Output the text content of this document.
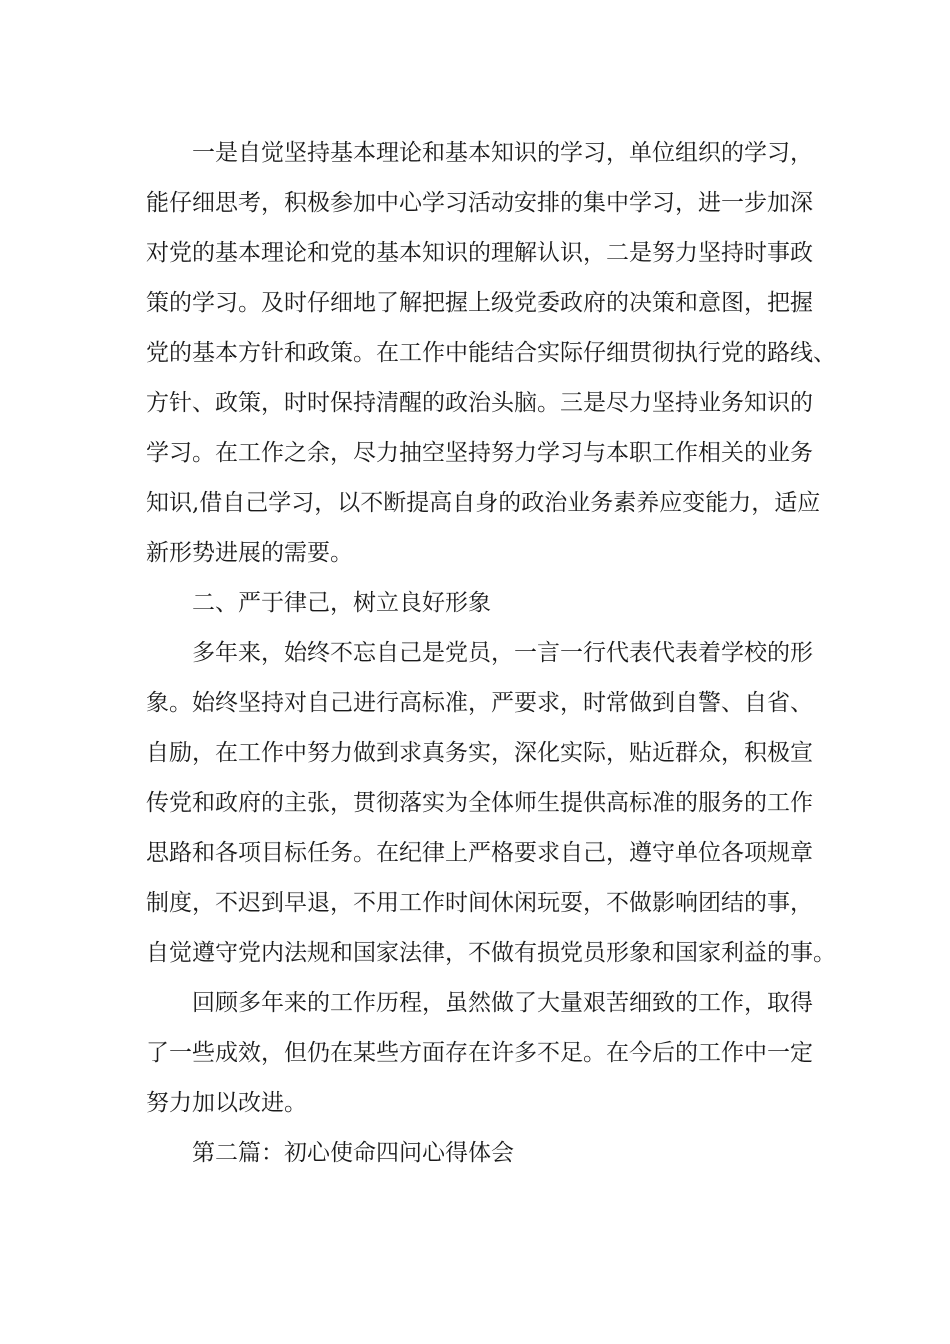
一是自觉坚持基本理论和基本知识的学习，单位组织的学习，
能仔细思考，积极参加中心学习活动安排的集中学习，进一步加深
对党的基本理论和党的基本知识的理解认识，二是努力坚持时事政
策的学习。及时仔细地了解把握上级党委政府的决策和意图，把握
党的基本方针和政策。在工作中能结合实际仔细贯彻执行党的路线、
方针、政策，时时保持清醒的政治头脑。三是尽力坚持业务知识的
学习。在工作之余，尽力抽空坚持努力学习与本职工作相关的业务
知识,借自己学习，以不断提高自身的政治业务素养应变能力，适应
新形势进展的需要。
二、严于律己，树立良好形象
多年来，始终不忘自己是党员，一言一行代表代表着学校的形
象。始终坚持对自己进行高标准，严要求，时常做到自警、自省、
自励，在工作中努力做到求真务实，深化实际，贴近群众，积极宣
传党和政府的主张，贯彻落实为全体师生提供高标准的服务的工作
思路和各项目标任务。在纪律上严格要求自己，遵守单位各项规章
制度，不迟到早退，不用工作时间休闲玩耍，不做影响团结的事，
自觉遵守党内法规和国家法律，不做有损党员形象和国家利益的事。
回顾多年来的工作历程，虽然做了大量艰苦细致的工作，取得
了一些成效，但仍在某些方面存在许多不足。在今后的工作中一定
努力加以改进。
第二篇：初心使命四问心得体会
